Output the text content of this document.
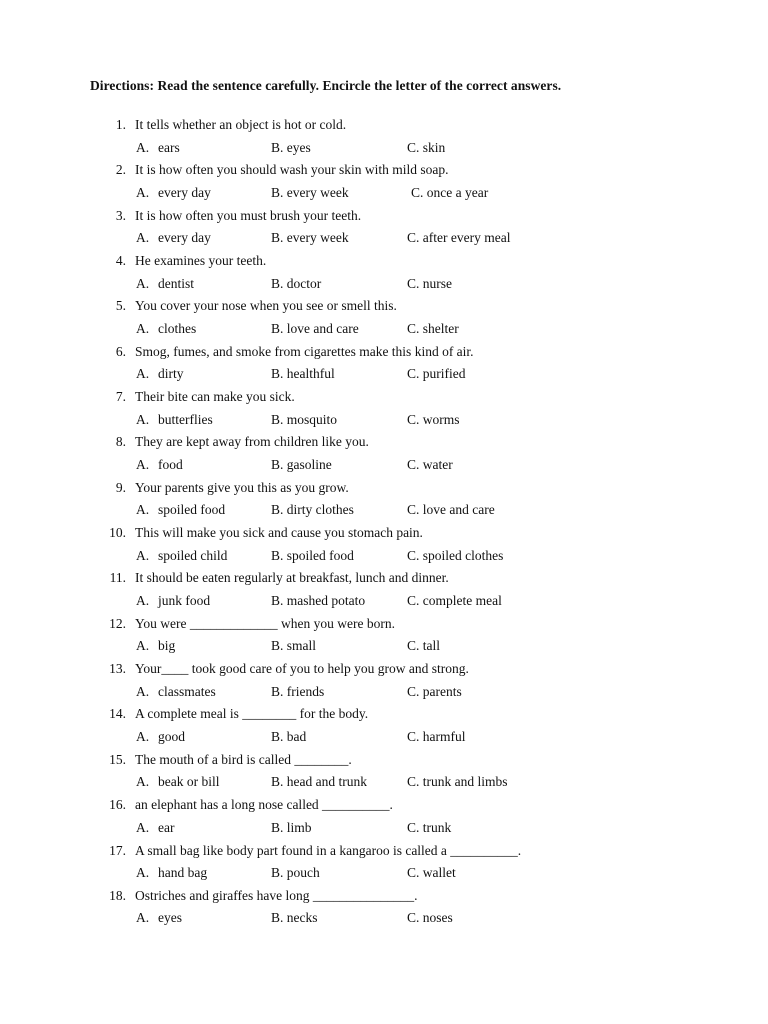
Directions: Read the sentence carefully. Encircle the letter of the correct answers.
1. It tells whether an object is hot or cold.
A. ears	B. eyes	C. skin
2. It is how often you should wash your skin with mild soap.
A. every day	B. every week	C. once a year
3. It is how often you must brush your teeth.
A. every day	B. every week	C. after every meal
4. He examines your teeth.
A. dentist	B. doctor	C. nurse
5. You cover your nose when you see or smell this.
A. clothes	B. love and care	C. shelter
6. Smog, fumes, and smoke from cigarettes make this kind of air.
A. dirty	B. healthful	C. purified
7. Their bite can make you sick.
A. butterflies	B. mosquito	C. worms
8. They are kept away from children like you.
A. food	B. gasoline	C. water
9. Your parents give you this as you grow.
A. spoiled food	B. dirty clothes	C. love and care
10. This will make you sick and cause you stomach pain.
A. spoiled child	B. spoiled food	C. spoiled clothes
11. It should be eaten regularly at breakfast, lunch and dinner.
A. junk food	B. mashed potato	C. complete meal
12. You were _____________ when you were born.
A. big	B. small	C. tall
13. Your____ took good care of you to help you grow and strong.
A. classmates	B. friends	C. parents
14. A complete meal is ________ for the body.
A. good	B. bad	C. harmful
15. The mouth of a bird is called ________.
A. beak or bill	B. head and trunk	C. trunk and limbs
16. an elephant has a long nose called __________.
A. ear	B. limb	C. trunk
17. A small bag like body part found in a kangaroo is called a __________.
A. hand bag	B. pouch	C. wallet
18. Ostriches and giraffes have long _______________.
A. eyes	B. necks	C. noses
